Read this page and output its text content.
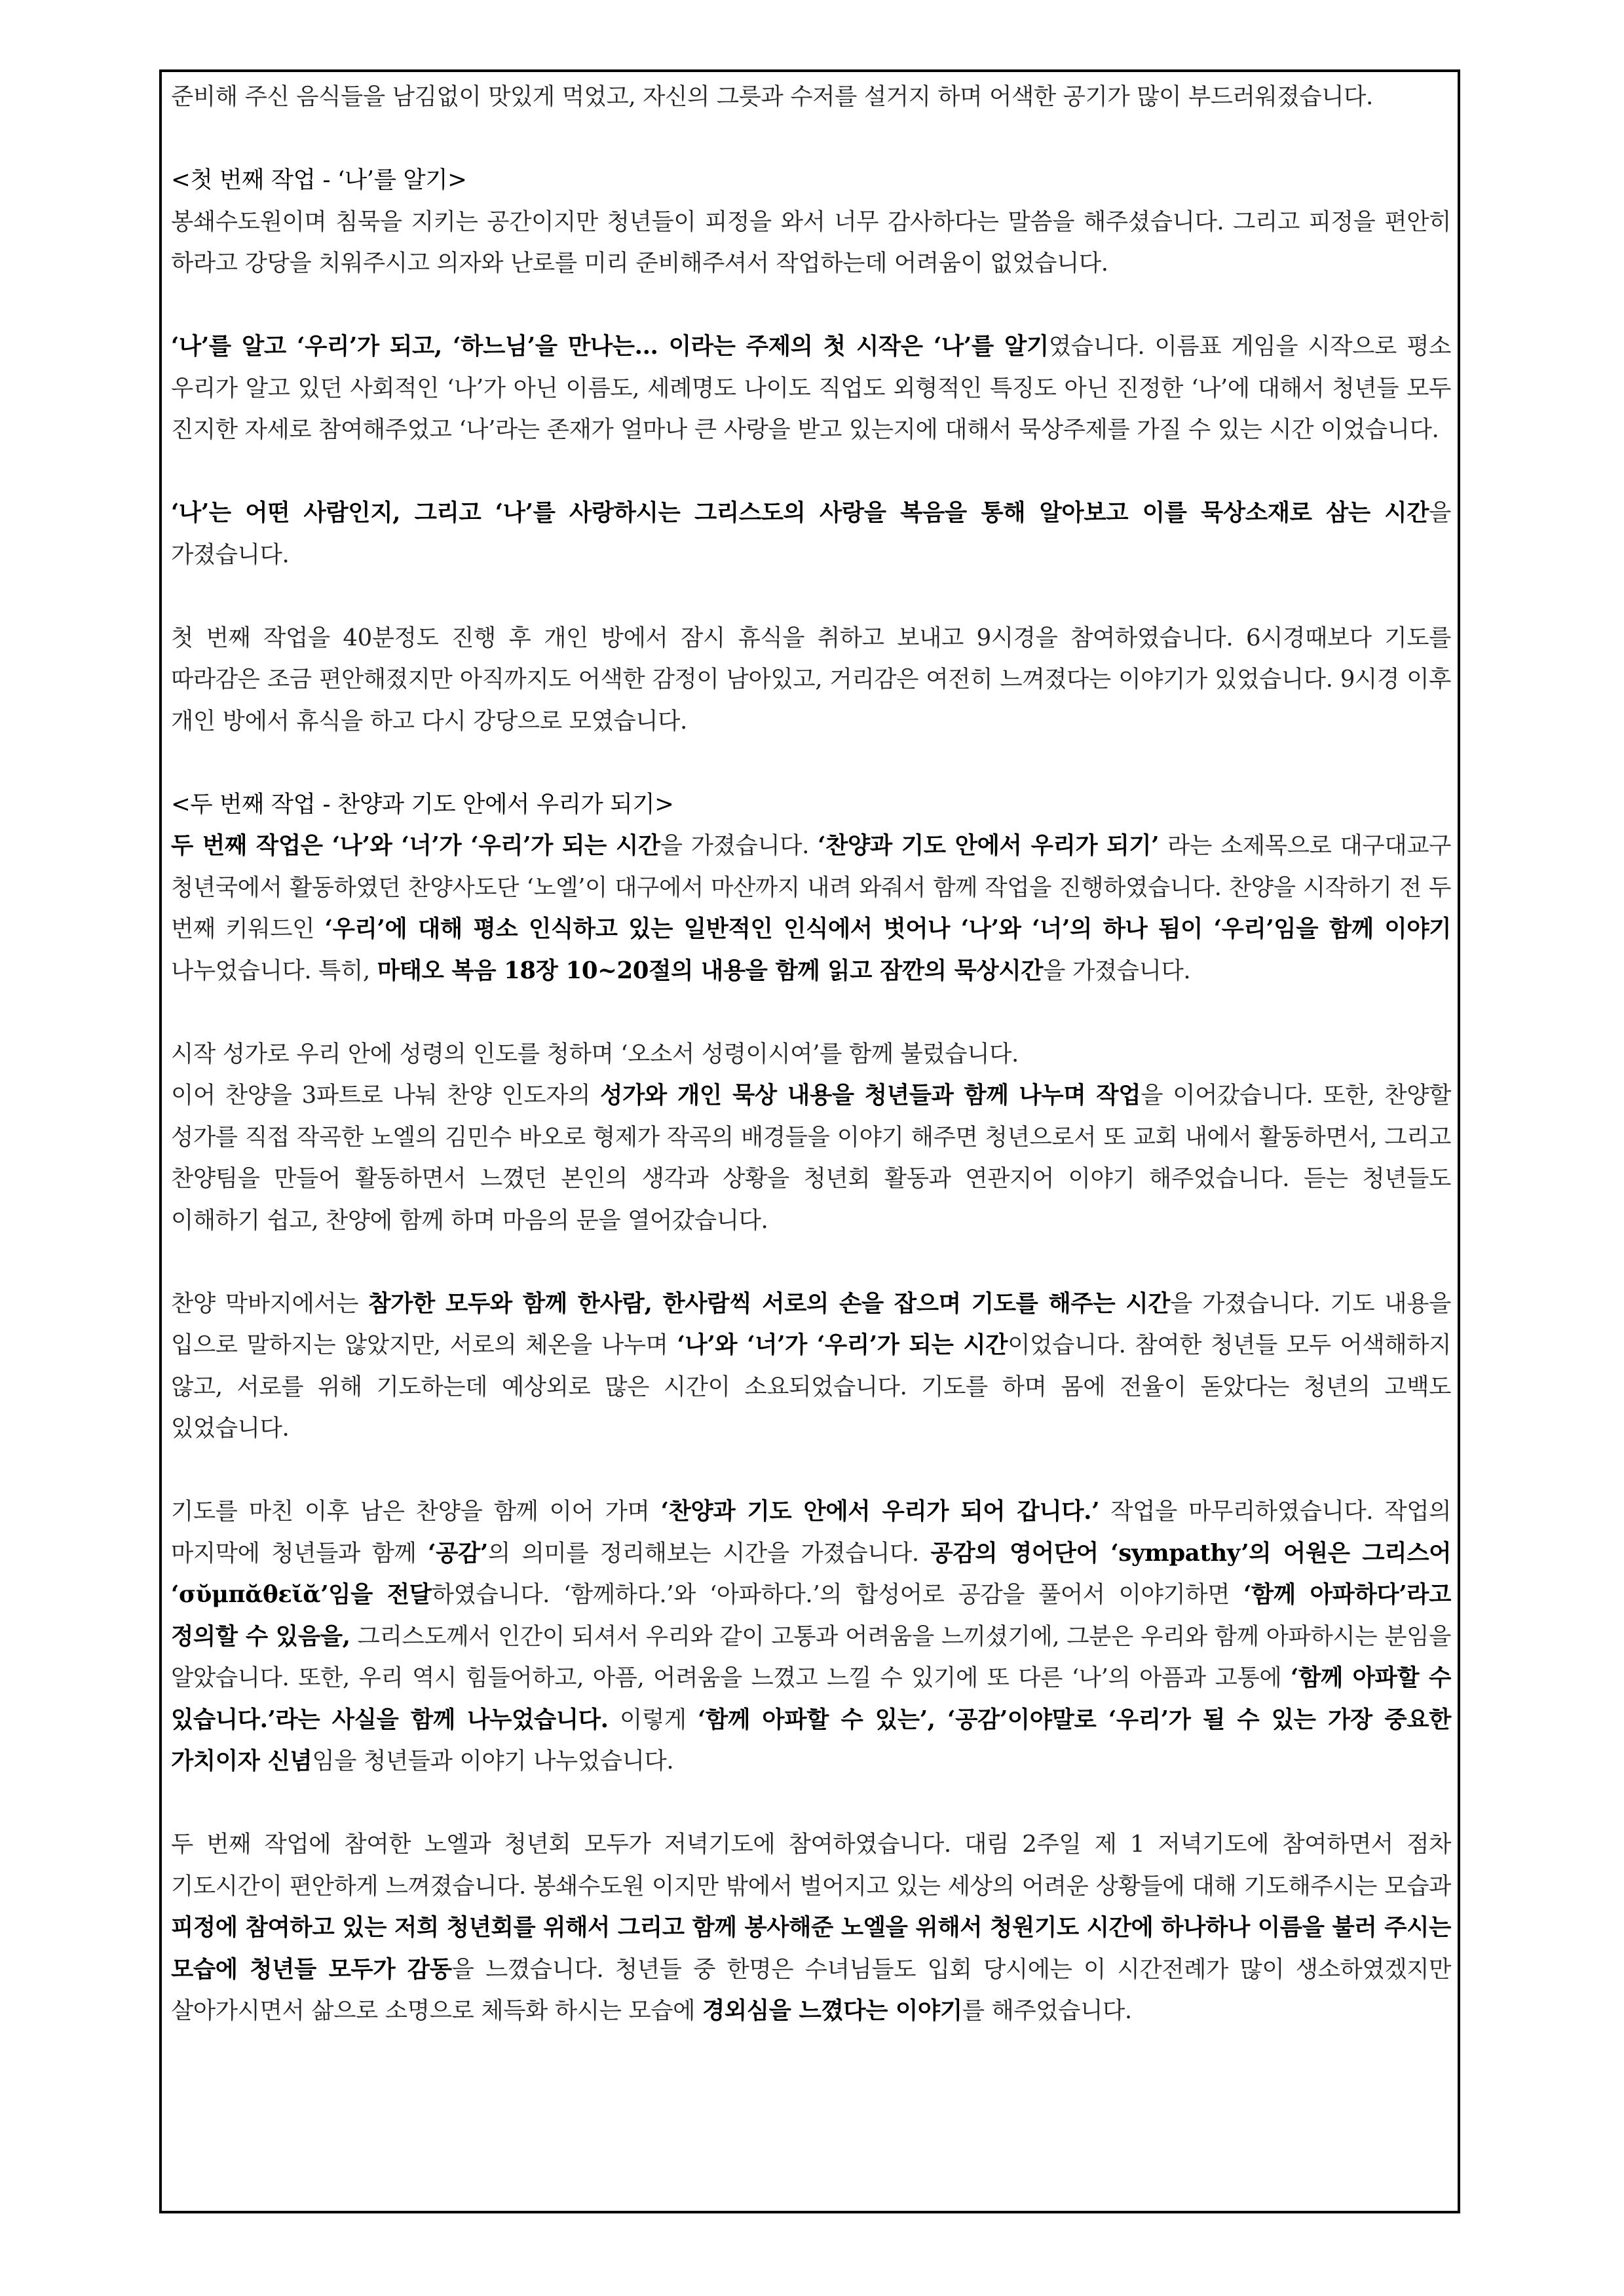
준비해 주신 음식들을 남김없이 맛있게 먹었고, 자신의 그릇과 수저를 설거지 하며 어색한 공기가 많이 부드러워졌습니다.

<첫 번째 작업 - ‘나’를 알기>

봉쇄수도원이며 침묵을 지키는 공간이지만 청년들이 피정을 와서 너무 감사하다는 말씀을 해주셨습니다. 그리고 피정을 편안히 하라고 강당을 치워주시고 의자와 난로를 미리 준비해주셔서 작업하는데 어려움이 없었습니다.

‘나’를 알고 ‘우리’가 되고, ‘하느님’을 만나는... 이라는 주제의 첫 시작은 ‘나’를 알기였습니다. 이름표 게임을 시작으로 평소 우리가 알고 있던 사회적인 ‘나’가 아닌 이름도, 세례명도 나이도 직업도 외형적인 특징도 아닌 진정한 ‘나’에 대해서 청년들 모두 진지한 자세로 참여해주었고 ‘나’라는 존재가 얼마나 큰 사랑을 받고 있는지에 대해서 묵상주제를 가질 수 있는 시간 이었습니다.

‘나’는 어떤 사람인지, 그리고 ‘나’를 사랑하시는 그리스도의 사랑을 복음을 통해 알아보고 이를 묵상소재로 삼는 시간을 가졌습니다.

첫 번째 작업을 40분정도 진행 후 개인 방에서 잠시 휴식을 취하고 보내고 9시경을 참여하였습니다. 6시경때보다 기도를 따라감은 조금 편안해졌지만 아직까지도 어색한 감정이 남아있고, 거리감은 여전히 느껴졌다는 이야기가 있었습니다. 9시경 이후 개인 방에서 휴식을 하고 다시 강당으로 모였습니다.

<두 번째 작업 - 찬양과 기도 안에서 우리가 되기>

두 번째 작업은 ‘나’와 ‘너’가 ‘우리’가 되는 시간을 가졌습니다. ‘찬양과 기도 안에서 우리가 되기’ 라는 소제목으로 대구대교구 청년국에서 활동하였던 찬양사도단 ‘노엘’이 대구에서 마산까지 내려 와줘서 함께 작업을 진행하였습니다. 찬양을 시작하기 전 두 번째 키워드인 ‘우리’에 대해 평소 인식하고 있는 일반적인 인식에서 벗어나 ‘나’와 ‘너’의 하나 됨이 ‘우리’임을 함께 이야기 나누었습니다. 특히, 마태오 복음 18장 10~20절의 내용을 함께 읽고 잠깐의 묵상시간을 가졌습니다.

시작 성가로 우리 안에 성령의 인도를 청하며 ‘오소서 성령이시여’를 함께 불렀습니다.

이어 찬양을 3파트로 나눠 찬양 인도자의 성가와 개인 묵상 내용을 청년들과 함께 나누며 작업을 이어갔습니다. 또한, 찬양할 성가를 직접 작곡한 노엘의 김민수 바오로 형제가 작곡의 배경들을 이야기 해주면 청년으로서 또 교회 내에서 활동하면서, 그리고 찬양팀을 만들어 활동하면서 느꼈던 본인의 생각과 상황을 청년회 활동과 연관지어 이야기 해주었습니다. 듣는 청년들도 이해하기 쉽고, 찬양에 함께 하며 마음의 문을 열어갔습니다.

찬양 막바지에서는 참가한 모두와 함께 한사람, 한사람씩 서로의 손을 잡으며 기도를 해주는 시간을 가졌습니다. 기도 내용을 입으로 말하지는 않았지만, 서로의 체온을 나누며 ‘나’와 ‘너’가 ‘우리’가 되는 시간이었습니다. 참여한 청년들 모두 어색해하지 않고, 서로를 위해 기도하는데 예상외로 많은 시간이 소요되었습니다. 기도를 하며 몸에 전율이 돋았다는 청년의 고백도 있었습니다.

기도를 마친 이후 남은 찬양을 함께 이어 가며 ‘찬양과 기도 안에서 우리가 되어 갑니다.’ 작업을 마무리하였습니다. 작업의 마지막에 청년들과 함께 ‘공감’의 의미를 정리해보는 시간을 가졌습니다. 공감의 영어단어 ‘sympathy’의 어원은 그리스어 ‘σῠμπᾰθεῐᾰ’임을 전달하였습니다. ‘함께하다.’와 ‘아파하다.’의 합성어로 공감을 풀어서 이야기하면 ‘함께 아파하다’라고 정의할 수 있음을, 그리스도께서 인간이 되셔서 우리와 같이 고통과 어려움을 느끼셨기에, 그분은 우리와 함께 아파하시는 분임을 알았습니다. 또한, 우리 역시 힘들어하고, 아픔, 어려움을 느꼈고 느낄 수 있기에 또 다른 ‘나’의 아픔과 고통에 ‘함께 아파할 수 있습니다.’라는 사실을 함께 나누었습니다. 이렇게 ‘함께 아파할 수 있는’, ‘공감’이야말로 ‘우리’가 될 수 있는 가장 중요한 가치이자 신념임을 청년들과 이야기 나누었습니다.

두 번째 작업에 참여한 노엘과 청년회 모두가 저녁기도에 참여하였습니다. 대림 2주일 제 1 저녁기도에 참여하면서 점차 기도시간이 편안하게 느껴졌습니다. 봉쇄수도원 이지만 밖에서 벌어지고 있는 세상의 어려운 상황들에 대해 기도해주시는 모습과 피정에 참여하고 있는 저희 청년회를 위해서 그리고 함께 봉사해준 노엘을 위해서 청원기도 시간에 하나하나 이름을 불러 주시는 모습에 청년들 모두가 감동을 느꼈습니다. 청년들 중 한명은 수녀님들도 입회 당시에는 이 시간전례가 많이 생소하였겠지만 살아가시면서 삶으로 소명으로 체득화 하시는 모습에 경외심을 느꼈다는 이야기를 해주었습니다.
